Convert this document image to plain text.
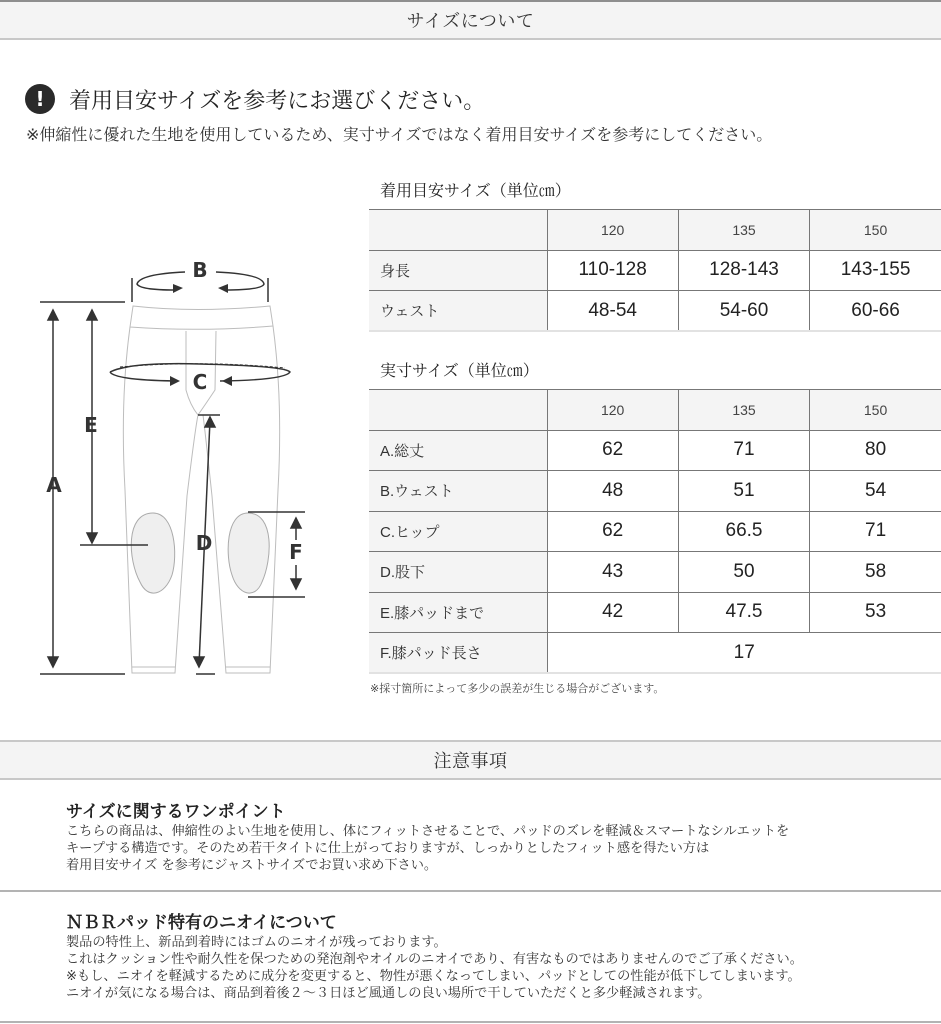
サイズについて
!	着用目安サイズを参考にお選びください。
※伸縮性に優れた生地を使用しているため、実寸サイズではなく着用目安サイズを参考にしてください。
B
C
E
A
D	F
着用目安サイズ（単位㎝）
	120	135	150
身長	110-128	128-143	143-155
ウェスト	48-54	54-60	60-66
実寸サイズ（単位㎝）
	120	135	150
A.総丈	62	71	80
B.ウェスト	48	51	54
C.ヒップ	62	66.5	71
D.股下	43	50	58
E.膝パッドまで	42	47.5	53
F.膝パッド長さ	17		
※採寸箇所によって多少の誤差が生じる場合がございます。
注意事項
サイズに関するワンポイント
こちらの商品は、伸縮性のよい生地を使用し、体にフィットさせることで、パッドのズレを軽減＆スマートなシルエットを
キープする構造です。そのため若干タイトに仕上がっておりますが、しっかりとしたフィット感を得たい方は
着用目安サイズ を参考にジャストサイズでお買い求め下さい。
ＮＢＲパッド特有のニオイについて
製品の特性上、新品到着時にはゴムのニオイが残っております。
これはクッション性や耐久性を保つための発泡剤やオイルのニオイであり、有害なものではありませんのでご了承ください。
※もし、ニオイを軽減するために成分を変更すると、物性が悪くなってしまい、パッドとしての性能が低下してしまいます。
ニオイが気になる場合は、商品到着後２～３日ほど風通しの良い場所で干していただくと多少軽減されます。
